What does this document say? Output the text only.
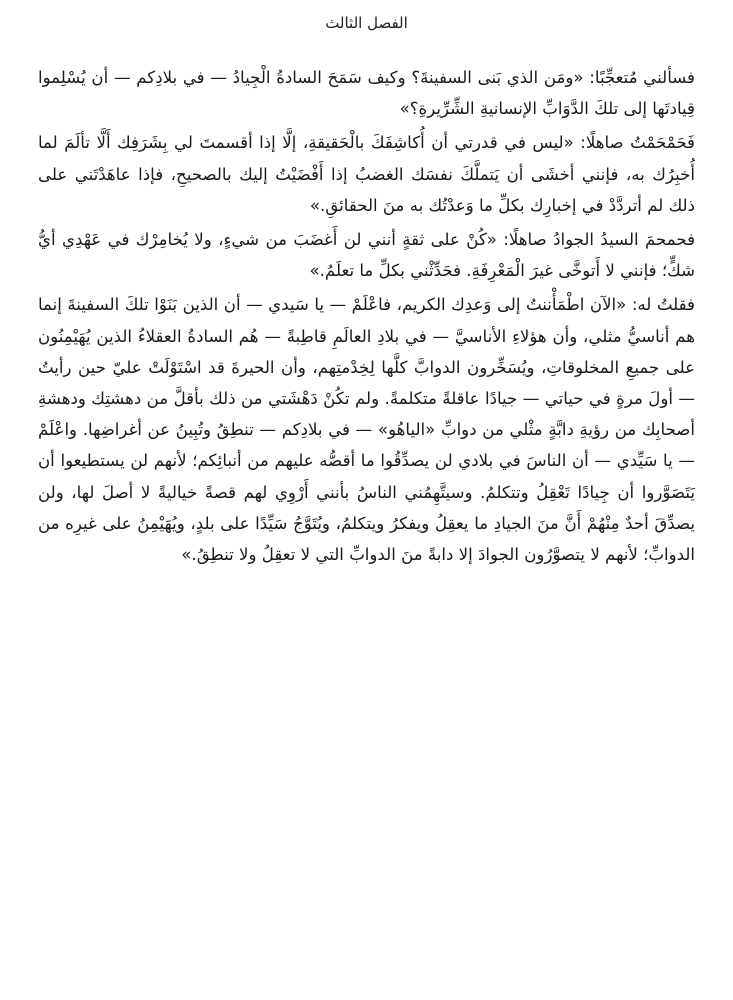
الفصل الثالث

فسألني مُتعجِّبًا: «ومَن الذي بَنى السفينةَ؟ وكيف سَمَحَ السادةُ الْجِيادُ — في بلادِكم — أن يُسْلِموا قِيادتَها إلى تلكَ الدَّوَابِّ الإنسانيةِ الشِّرِّيرةِ؟»

فَحَمْحَمْتُ صاهلًا: «ليس في قدرتي أن أُكاشِفَكَ بالْحَقيقةِ، إلَّا إذا أقسمتَ لي بِشَرَفِك أَلَّا تألَمَ لما أُخبِرُك به، فإنني أخشَى أن يَتملَّكَ نفسَك الغضبُ إذا أَفْضَيْتُ إليك بالصحيحِ، فإذا عاهَدْتَني على ذلك لم أتردَّدْ في إخبارِك بكلِّ ما وَعدْتُك به منَ الحقائقِ.»

فحمحمَ السيدُ الجوادُ صاهلًا: «كُنْ على ثقةٍ أنني لن أَغضَبَ من شيءٍ، ولا يُخامِرْك في عَهْدِي أيُّ شكٍّ؛ فإنني لا أَتوخَّى غيرَ الْمَعْرِفَةِ. فحَدِّثْني بكلِّ ما تعلَمُ.»

فقلتُ له: «الآن اطْمَأْننتُ إلى وَعدِك الكريم، فاعْلَمْ — يا سَيدي — أن الذين بَنَوْا تلكَ السفينةَ إنما هم أناسيُّ مثلي، وأن هؤلاءِ الأناسيَّ — في بلادِ العالَمِ قاطِبةً — هُم السادةُ العقلاءُ الذين يُهَيْمِنُون على جميعِ المخلوقاتِ، ويُسَخِّرون الدوابَّ كلَّها لِخِدْمتِهم، وأن الحيرةَ قد اسْتَوْلَتْ عليّ حين رأيتُ — أولَ مرةٍ في حياتي — جيادًا عاقلةً متكلمةً. ولم تكُنْ دَهْشَتي من ذلك بأقلَّ من دهشتِك ودهشةِ أصحابِك من رؤيةِ دابَّةٍ مثْلي من دوابِّ «الياهُو» — في بلادِكم — تنطِقُ وتُبِينُ عن أغراضِها. واعْلَمْ — يا سَيِّدي — أن الناسَ في بلادي لن يصدِّقُوا ما أقصُّه عليهم من أنبائِكم؛ لأنهم لن يستطيعوا أن يَتَصَوَّروا أن جِيادًا تَعْقِلُ وتتكلمُ. وسيتَّهِمُني الناسُ بأنني أَرْوِي لهم قصةً خياليةً لا أصلَ لها، ولن يصدِّقَ أحدٌ مِنْهُمْ أَنَّ منَ الجيادِ ما يعقِلُ ويفكرُ ويتكلمُ، ويُتَوَّجُ سَيِّدًا على بلدٍ، ويُهَيْمِنُ على غيرِه من الدوابِّ؛ لأنهم لا يتصوَّرُون الجوادَ إلا دابةً منَ الدوابِّ التي لا تعقِلُ ولا تنطِقُ.»
